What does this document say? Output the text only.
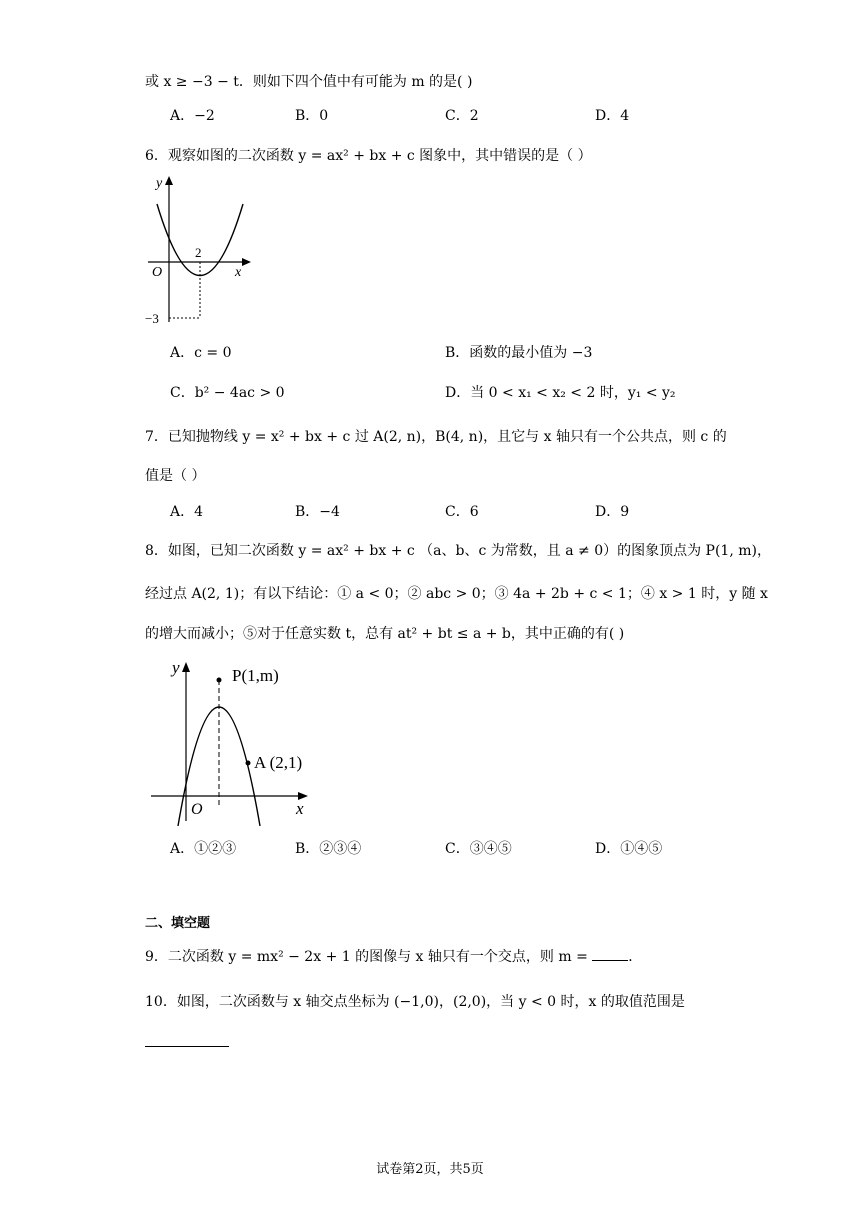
或 x ≥ −3 − t．则如下四个值中有可能为 m 的是( )
A．−2	B．0	C．2	D．4
6．观察如图的二次函数 y = ax² + bx + c 图象中，其中错误的是（ ）
y
x
O
2
−3
A．c = 0	B．函数的最小值为 −3
C．b² − 4ac > 0	D．当 0 < x₁ < x₂ < 2 时，y₁ < y₂
7．已知抛物线 y = x² + bx + c 过 A(2, n)，B(4, n)，且它与 x 轴只有一个公共点，则 c 的
值是（ ）
A．4	B．−4	C．6	D．9
8．如图，已知二次函数 y = ax² + bx + c （a、b、c 为常数，且 a ≠ 0）的图象顶点为 P(1, m)，
经过点 A(2, 1)；有以下结论：① a < 0；② abc > 0；③ 4a + 2b + c < 1；④ x > 1 时，y 随 x
的增大而减小；⑤对于任意实数 t，总有 at² + bt ≤ a + b，其中正确的有( )
y
x
O
P(1,m)
A (2,1)
A．①②③	B．②③④	C．③④⑤	D．①④⑤
二、填空题
9．二次函数 y = mx² − 2x + 1 的图像与 x 轴只有一个交点，则 m =	．
10．如图，二次函数与 x 轴交点坐标为 (−1,0)，(2,0)，当 y < 0 时，x 的取值范围是
试卷第2页，共5页
